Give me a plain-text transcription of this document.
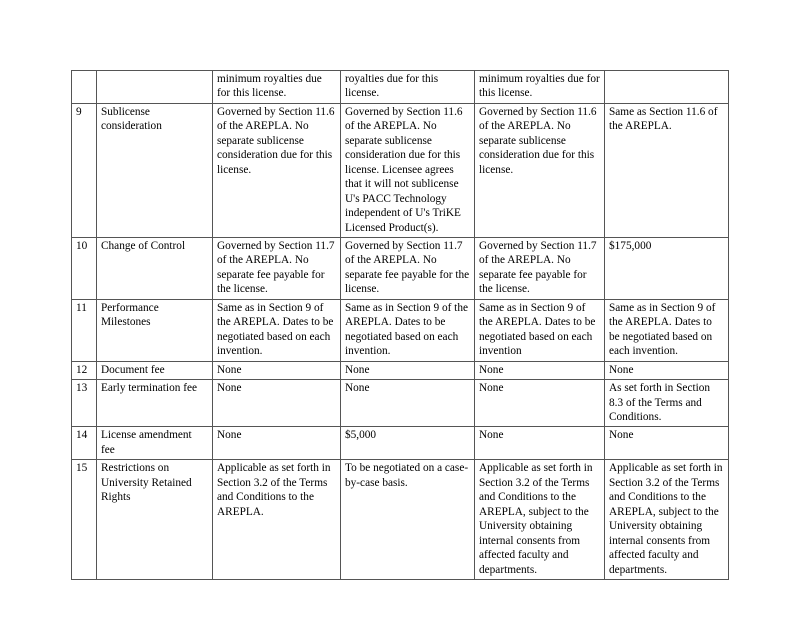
		minimum royalties due for this license.	royalties due for this license.	minimum royalties due for this license.	

9	Sublicense consideration	Governed by Section 11.6 of the AREPLA. No separate sublicense consideration due for this license.	Governed by Section 11.6 of the AREPLA. No separate sublicense consideration due for this license. Licensee agrees that it will not sublicense U's PACC Technology independent of U's TriKE Licensed Product(s).	Governed by Section 11.6 of the AREPLA. No separate sublicense consideration due for this license.	Same as Section 11.6 of the AREPLA.

10	Change of Control	Governed by Section 11.7 of the AREPLA. No separate fee payable for the license.	Governed by Section 11.7 of the AREPLA. No separate fee payable for the license.	Governed by Section 11.7 of the AREPLA. No separate fee payable for the license.	$175,000

11	Performance Milestones	Same as in Section 9 of the AREPLA. Dates to be negotiated based on each invention.	Same as in Section 9 of the AREPLA. Dates to be negotiated based on each invention.	Same as in Section 9 of the AREPLA. Dates to be negotiated based on each invention	Same as in Section 9 of the AREPLA. Dates to be negotiated based on each invention.

12	Document fee	None	None	None	None

13	Early termination fee	None	None	None	As set forth in Section 8.3 of the Terms and Conditions.

14	License amendment fee	None	$5,000	None	None

15	Restrictions on University Retained Rights	Applicable as set forth in Section 3.2 of the Terms and Conditions to the AREPLA.	To be negotiated on a case-by-case basis.	Applicable as set forth in Section 3.2 of the Terms and Conditions to the AREPLA, subject to the University obtaining internal consents from affected faculty and departments.	Applicable as set forth in Section 3.2 of the Terms and Conditions to the AREPLA, subject to the University obtaining internal consents from affected faculty and departments.
